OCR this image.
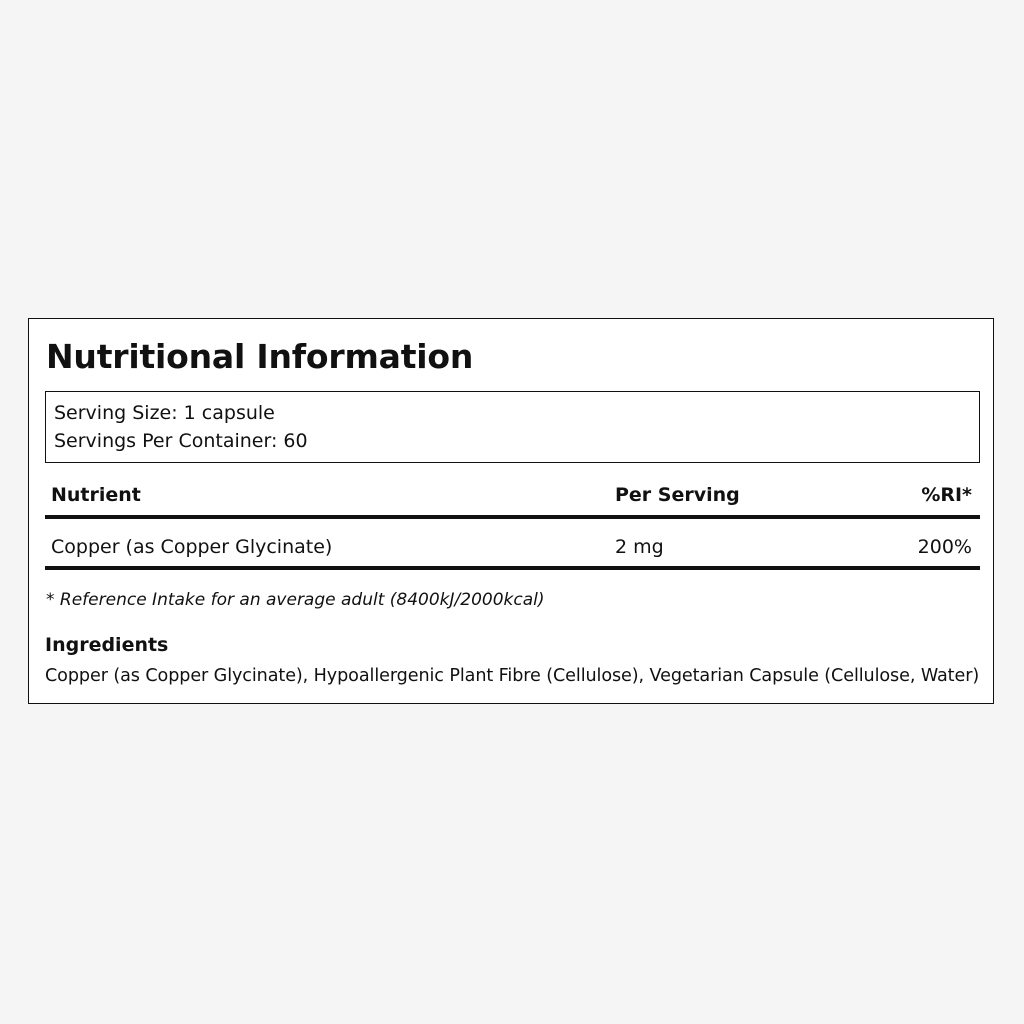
Nutritional Information
Serving Size: 1 capsule
Servings Per Container: 60
Nutrient	Per Serving	%RI*
Copper (as Copper Glycinate)	2 mg	200%
* Reference Intake for an average adult (8400kJ/2000kcal)
Ingredients
Copper (as Copper Glycinate), Hypoallergenic Plant Fibre (Cellulose), Vegetarian Capsule (Cellulose, Water)
